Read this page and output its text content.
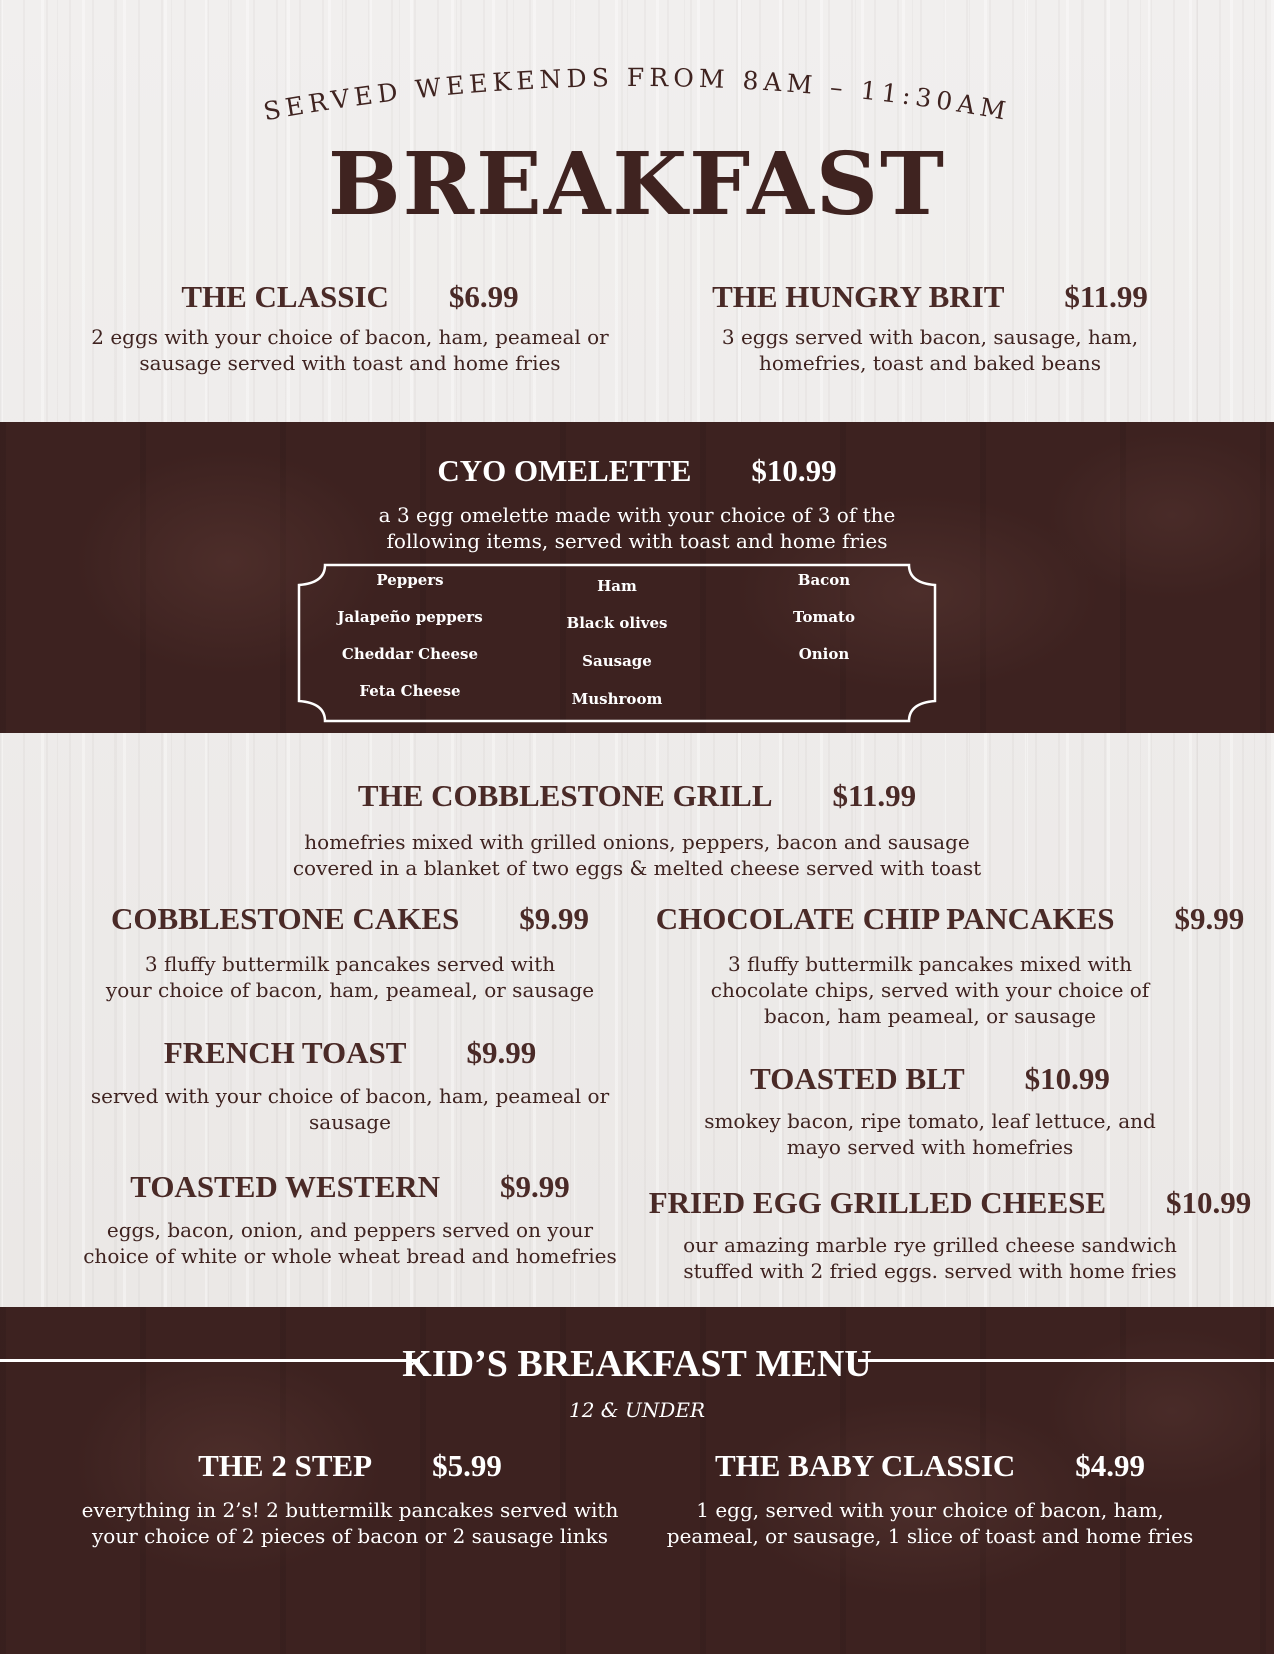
SERVED WEEKENDS FROM 8AM – 11:30AM
BREAKFAST
THE CLASSIC $6.99
2 eggs with your choice of bacon, ham, peameal or
sausage served with toast and home fries
THE HUNGRY BRIT $11.99
3 eggs served with bacon, sausage, ham,
homefries, toast and baked beans
CYO OMELETTE $10.99
a 3 egg omelette made with your choice of 3 of the
following items, served with toast and home fries
Peppers
Jalapeño peppers
Cheddar Cheese
Feta Cheese
Ham
Black olives
Sausage
Mushroom
Bacon
Tomato
Onion
THE COBBLESTONE GRILL $11.99
homefries mixed with grilled onions, peppers, bacon and sausage
covered in a blanket of two eggs & melted cheese served with toast
COBBLESTONE CAKES $9.99
3 fluffy buttermilk pancakes served with
your choice of bacon, ham, peameal, or sausage
CHOCOLATE CHIP PANCAKES $9.99
3 fluffy buttermilk pancakes mixed with
chocolate chips, served with your choice of
bacon, ham peameal, or sausage
FRENCH TOAST $9.99
served with your choice of bacon, ham, peameal or
sausage
TOASTED BLT $10.99
smokey bacon, ripe tomato, leaf lettuce, and
mayo served with homefries
TOASTED WESTERN $9.99
eggs, bacon, onion, and peppers served on your
choice of white or whole wheat bread and homefries
FRIED EGG GRILLED CHEESE $10.99
our amazing marble rye grilled cheese sandwich
stuffed with 2 fried eggs. served with home fries
KID’S BREAKFAST MENU
12 & UNDER
THE 2 STEP $5.99
everything in 2’s! 2 buttermilk pancakes served with
your choice of 2 pieces of bacon or 2 sausage links
THE BABY CLASSIC $4.99
1 egg, served with your choice of bacon, ham,
peameal, or sausage, 1 slice of toast and home fries
